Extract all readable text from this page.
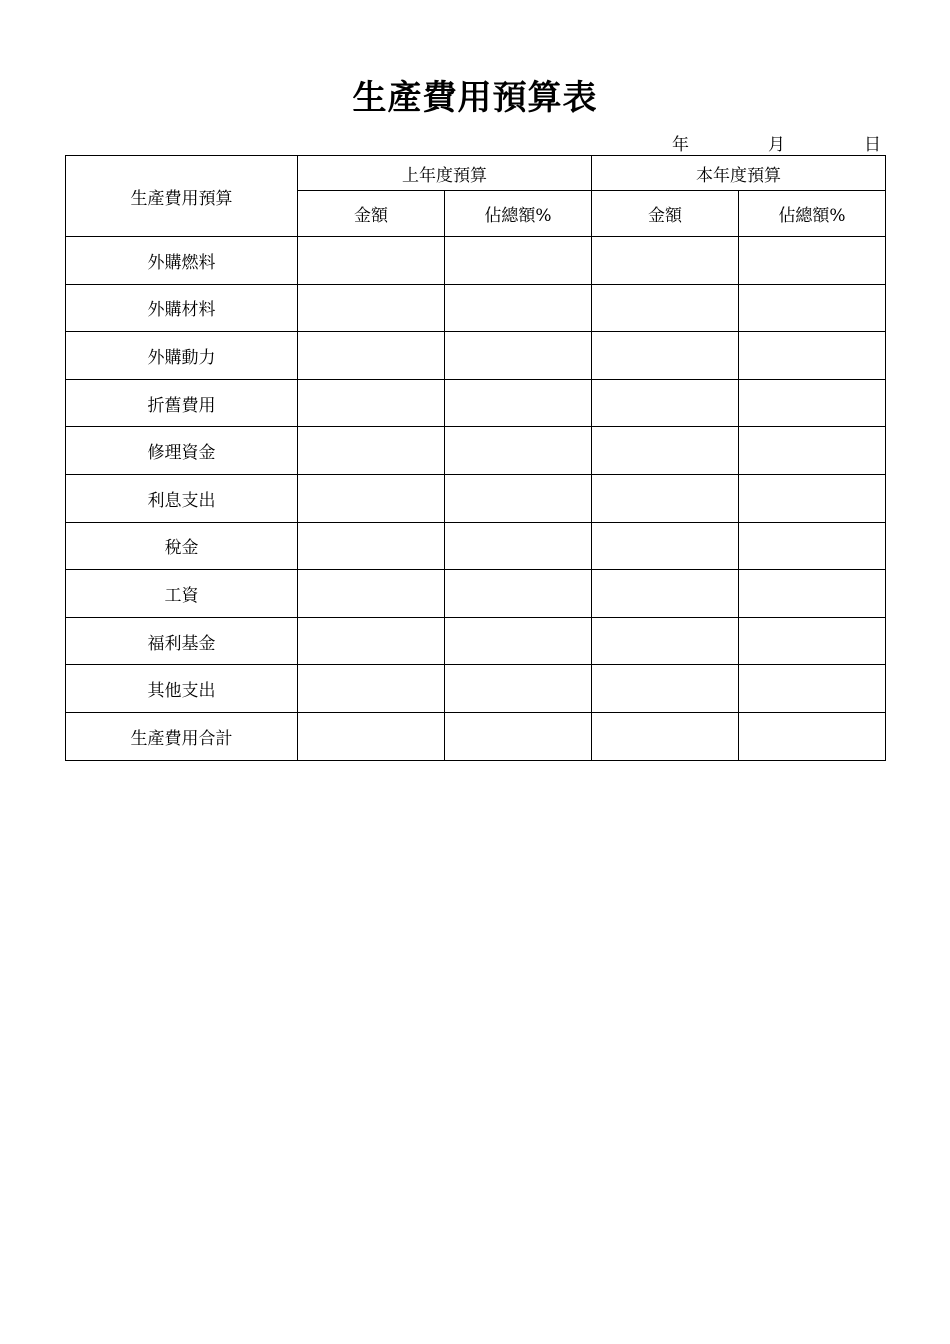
生產費用預算表
年	月	日
生產費用預算	上年度預算		本年度預算	
	金額	佔總額%	金額	佔總額%
外購燃料				
外購材料				
外購動力				
折舊費用				
修理資金				
利息支出				
稅金				
工資				
福利基金				
其他支出				
生產費用合計				
